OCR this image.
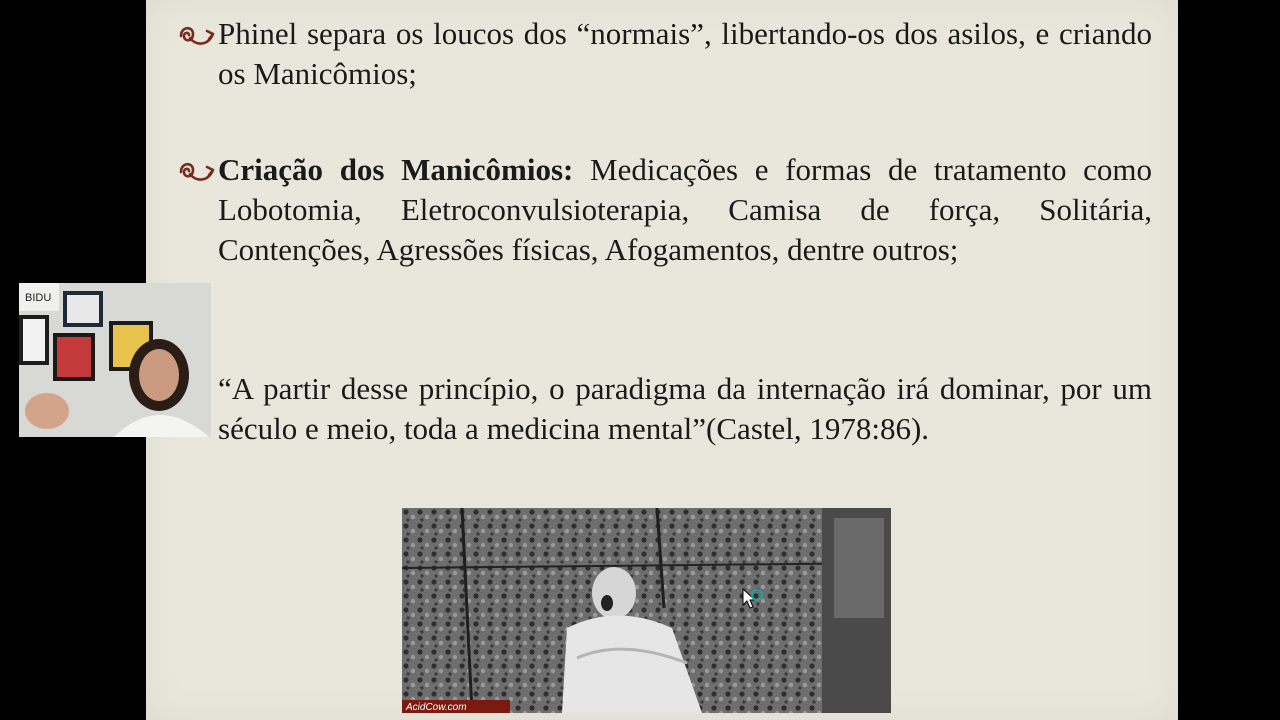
Phinel separa os loucos dos “normais”, libertando-os dos asilos, e criando os Manicômios;
Criação dos Manicômios: Medicações e formas de tratamento como Lobotomia, Eletroconvulsioterapia, Camisa de força, Solitária, Contenções, Agressões físicas, Afogamentos, dentre outros;
“A partir desse princípio, o paradigma da internação irá dominar, por um século e meio, toda a medicina mental”(Castel, 1978:86).
AcidCow.com
BIDU
